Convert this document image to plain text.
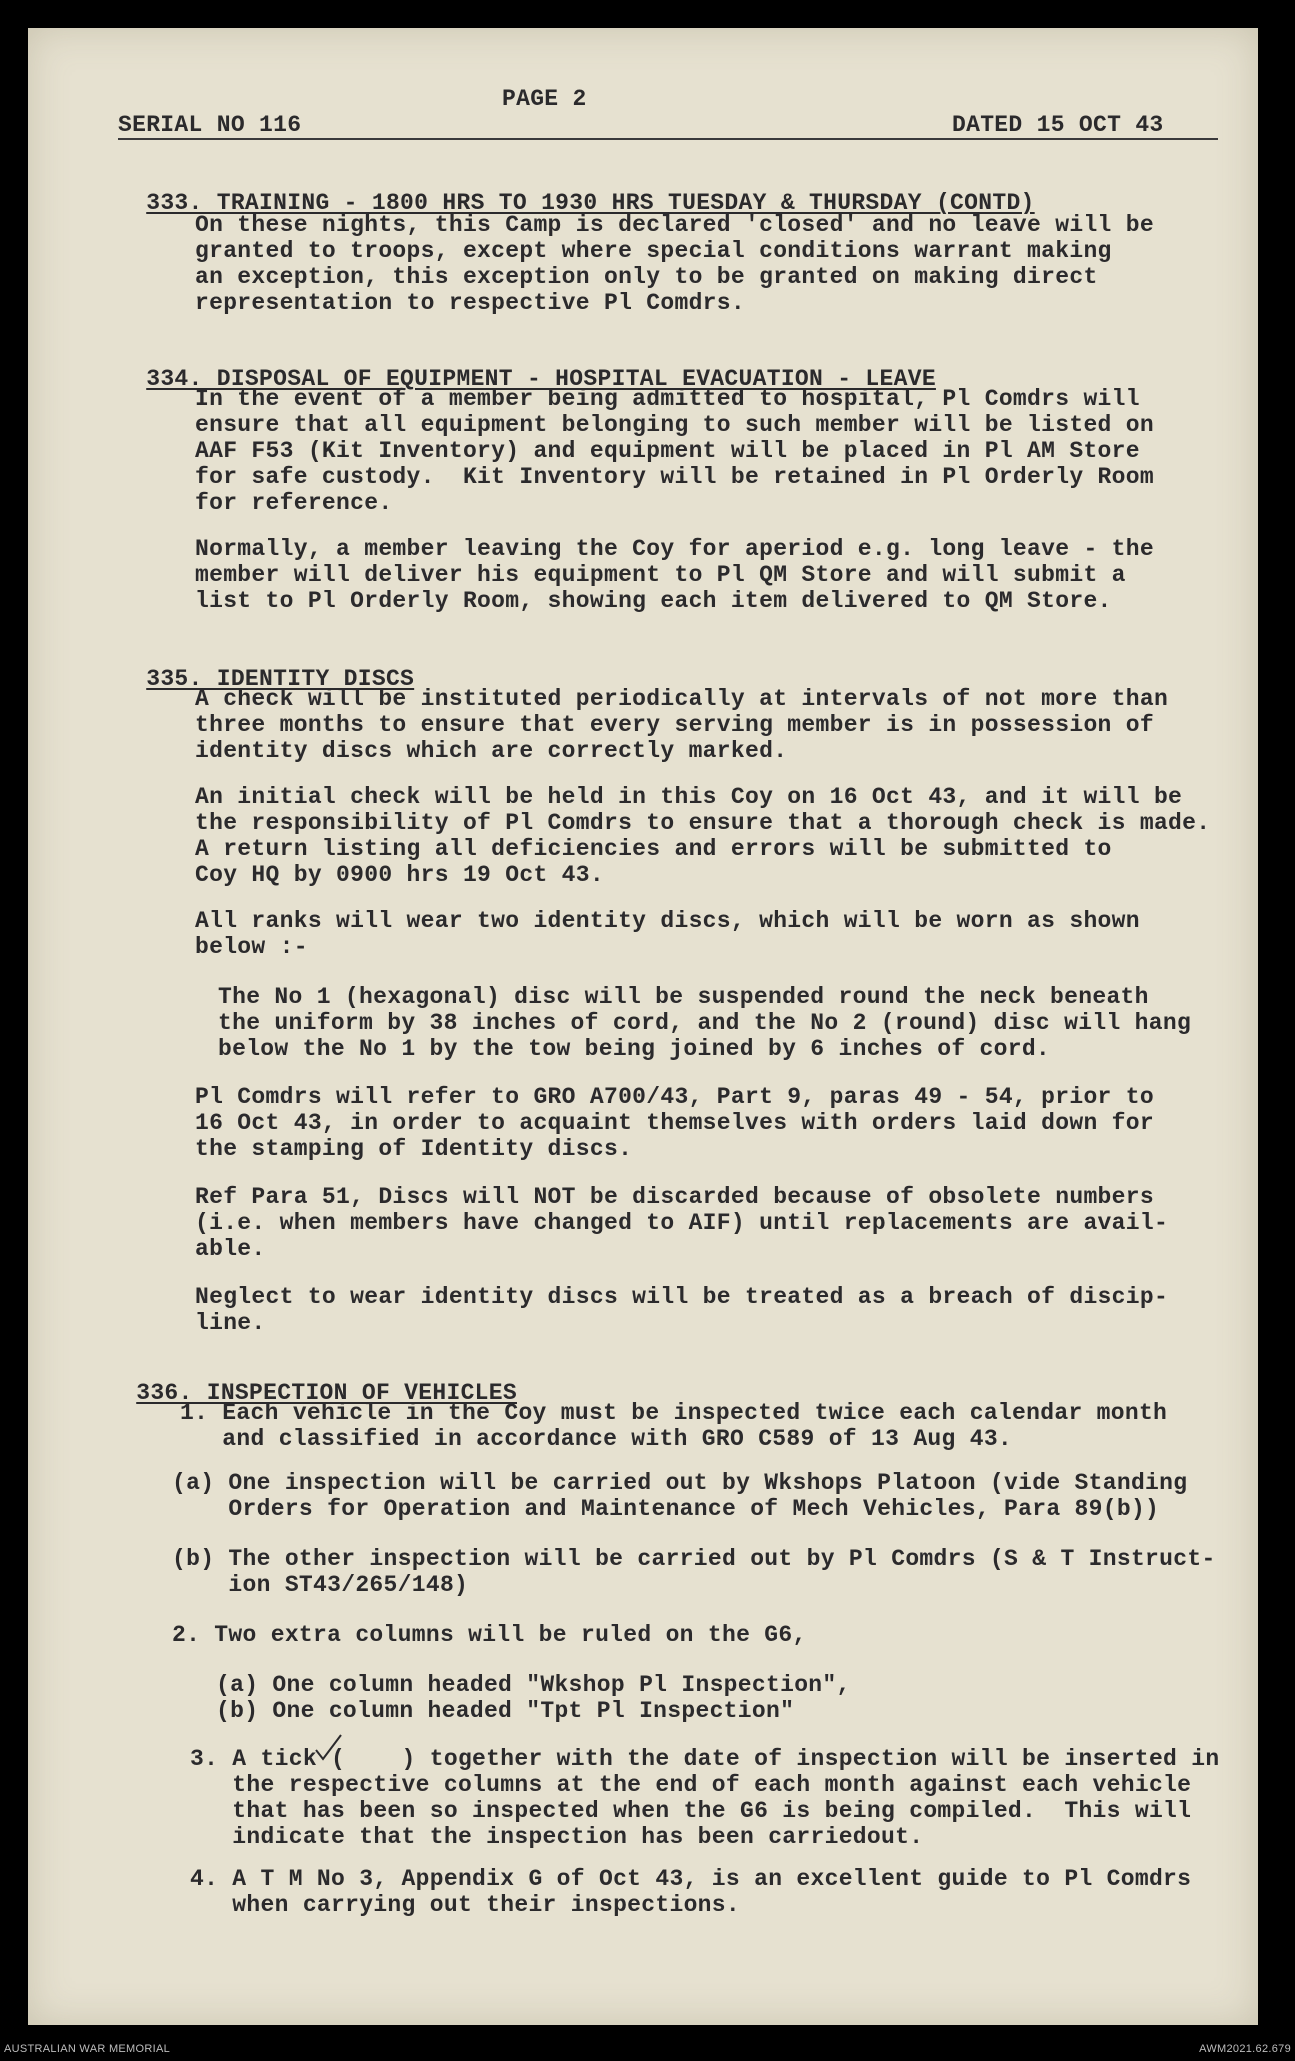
PAGE 2
SERIAL NO 116	DATED 15 OCT 43

333. TRAINING - 1800 HRS TO 1930 HRS TUESDAY & THURSDAY (CONTD)

On these nights, this Camp is declared 'closed' and no leave will be
granted to troops, except where special conditions warrant making
an exception, this exception only to be granted on making direct
representation to respective Pl Comdrs.

334. DISPOSAL OF EQUIPMENT - HOSPITAL EVACUATION - LEAVE

In the event of a member being admitted to hospital, Pl Comdrs will
ensure that all equipment belonging to such member will be listed on
AAF F53 (Kit Inventory) and equipment will be placed in Pl AM Store
for safe custody.  Kit Inventory will be retained in Pl Orderly Room
for reference.
Normally, a member leaving the Coy for aperiod e.g. long leave - the
member will deliver his equipment to Pl QM Store and will submit a
list to Pl Orderly Room, showing each item delivered to QM Store.

335. IDENTITY DISCS

A check will be instituted periodically at intervals of not more than
three months to ensure that every serving member is in possession of
identity discs which are correctly marked.
An initial check will be held in this Coy on 16 Oct 43, and it will be
the responsibility of Pl Comdrs to ensure that a thorough check is made.
A return listing all deficiencies and errors will be submitted to
Coy HQ by 0900 hrs 19 Oct 43.
All ranks will wear two identity discs, which will be worn as shown
below :-
The No 1 (hexagonal) disc will be suspended round the neck beneath
the uniform by 38 inches of cord, and the No 2 (round) disc will hang
below the No 1 by the tow being joined by 6 inches of cord.
Pl Comdrs will refer to GRO A700/43, Part 9, paras 49 - 54, prior to
16 Oct 43, in order to acquaint themselves with orders laid down for
the stamping of Identity discs.
Ref Para 51, Discs will NOT be discarded because of obsolete numbers
(i.e. when members have changed to AIF) until replacements are avail-
able.
Neglect to wear identity discs will be treated as a breach of discip-
line.

336. INSPECTION OF VEHICLES

1. Each vehicle in the Coy must be inspected twice each calendar month
and classified in accordance with GRO C589 of 13 Aug 43.
(a) One inspection will be carried out by Wkshops Platoon (vide Standing
Orders for Operation and Maintenance of Mech Vehicles, Para 89(b))
(b) The other inspection will be carried out by Pl Comdrs (S & T Instruct-
ion ST43/265/148)
2. Two extra columns will be ruled on the G6,
(a) One column headed "Wkshop Pl Inspection",
(b) One column headed "Tpt Pl Inspection"
3. A tick (    ) together with the date of inspection will be inserted in
the respective columns at the end of each month against each vehicle
that has been so inspected when the G6 is being compiled.  This will
indicate that the inspection has been carriedout.
4. A T M No 3, Appendix G of Oct 43, is an excellent guide to Pl Comdrs
when carrying out their inspections.
AUSTRALIAN WAR MEMORIAL	AWM2021.62.679
